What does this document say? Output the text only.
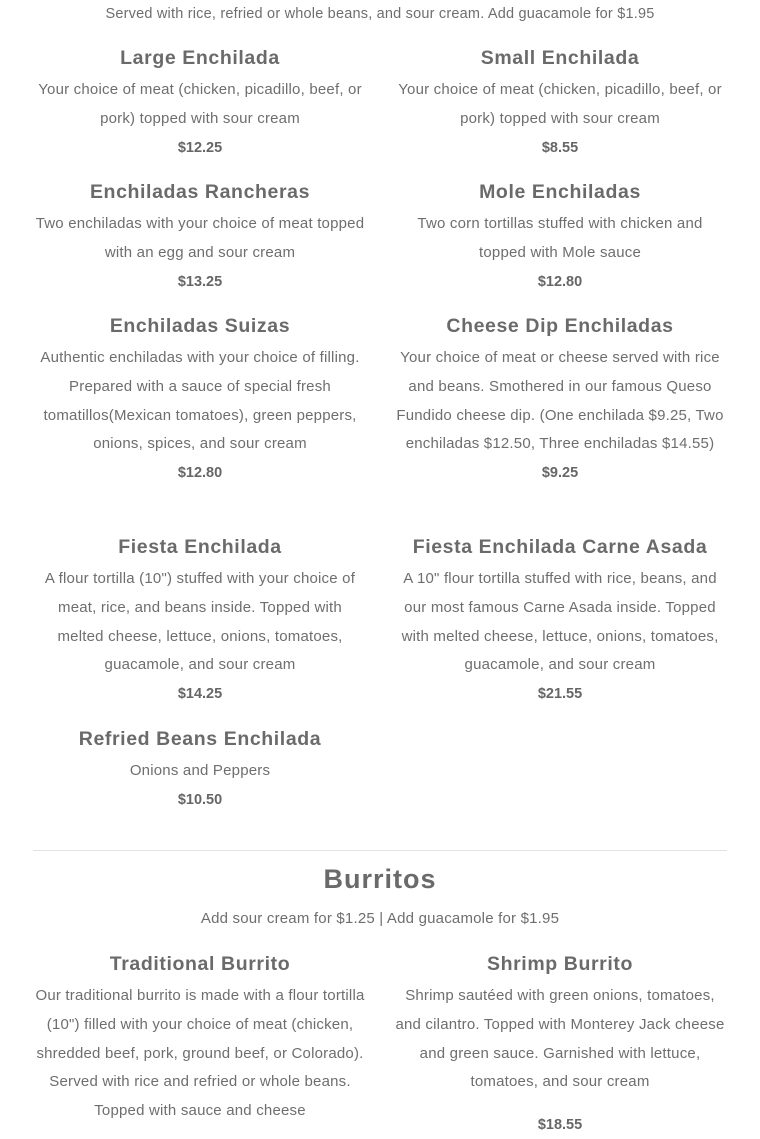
Served with rice, refried or whole beans, and sour cream. Add guacamole for $1.95
Large Enchilada

Your choice of meat (chicken, picadillo, beef, or pork) topped with sour cream

$12.25

Small Enchilada

Your choice of meat (chicken, picadillo, beef, or pork) topped with sour cream

$8.55

Enchiladas Rancheras

Two enchiladas with your choice of meat topped with an egg and sour cream

$13.25

Mole Enchiladas

Two corn tortillas stuffed with chicken and topped with Mole sauce

$12.80

Enchiladas Suizas

Authentic enchiladas with your choice of filling. Prepared with a sauce of special fresh tomatillos(Mexican tomatoes), green peppers, onions, spices, and sour cream

$12.80

Cheese Dip Enchiladas

Your choice of meat or cheese served with rice and beans. Smothered in our famous Queso Fundido cheese dip. (One enchilada $9.25, Two enchiladas $12.50, Three enchiladas $14.55)

$9.25

Fiesta Enchilada

A flour tortilla (10") stuffed with your choice of meat, rice, and beans inside. Topped with melted cheese, lettuce, onions, tomatoes, guacamole, and sour cream

$14.25

Fiesta Enchilada Carne Asada

A 10" flour tortilla stuffed with rice, beans, and our most famous Carne Asada inside. Topped with melted cheese, lettuce, onions, tomatoes, guacamole, and sour cream

$21.55

Refried Beans Enchilada

Onions and Peppers

$10.50

Burritos
Add sour cream for $1.25 | Add guacamole for $1.95
Traditional Burrito

Our traditional burrito is made with a flour tortilla (10") filled with your choice of meat (chicken, shredded beef, pork, ground beef, or Colorado). Served with rice and refried or whole beans. Topped with sauce and cheese

Shrimp Burrito

Shrimp sautéed with green onions, tomatoes, and cilantro. Topped with Monterey Jack cheese and green sauce. Garnished with lettuce, tomatoes, and sour cream

$18.55
